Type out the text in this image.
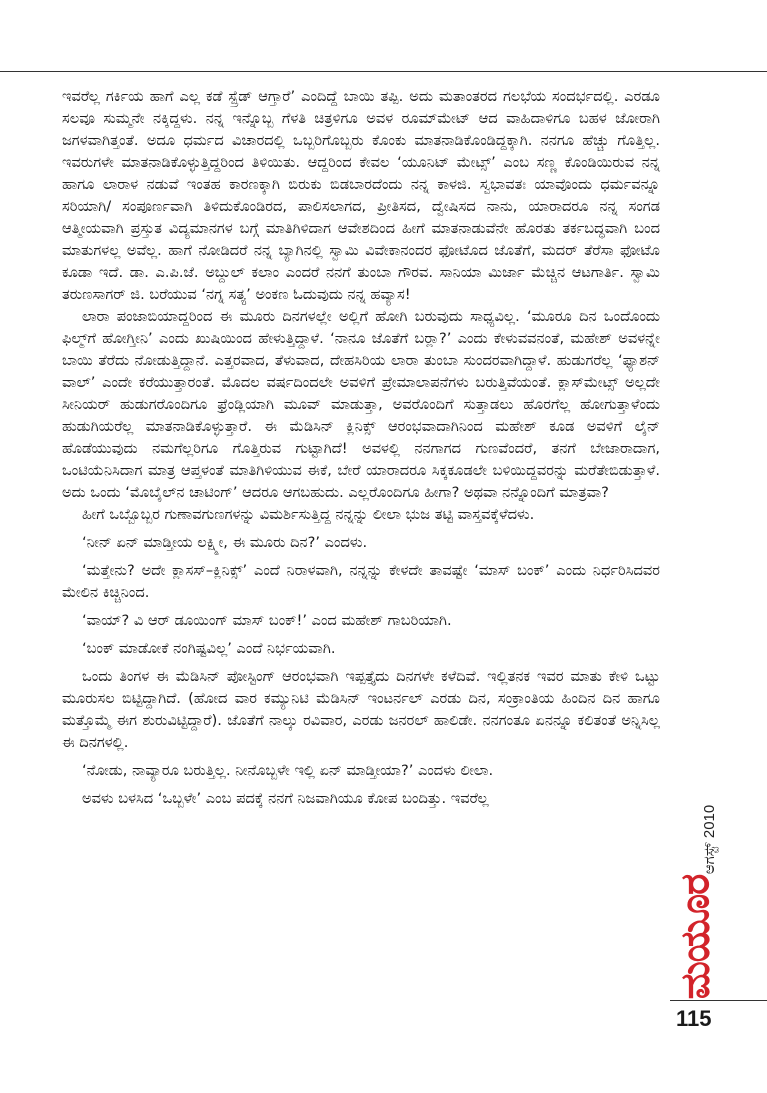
ಇವರೆಲ್ಲ ಗರ್ಕಿಯ ಹಾಗೆ ಎಲ್ಲ ಕಡೆ ಸ್ಪ್ರೆಡ್ ಆಗ್ತಾರೆ’ ಎಂದಿದ್ದೆ ಬಾಯಿ ತಪ್ಪಿ. ಅದು ಮತಾಂತರದ ಗಲಭೆಯ ಸಂದರ್ಭದಲ್ಲಿ. ಎರಡೂ ಸಲವೂ ಸುಮ್ಮನೇ ನಕ್ಕಿದ್ದಳು. ನನ್ನ ಇನ್ನೊಬ್ಬ ಗೆಳತಿ ಚಿತ್ರಳಿಗೂ ಅವಳ ರೂಮ್‌ಮೇಟ್ ಆದ ವಾಹಿದಾಳಿಗೂ ಬಹಳ ಜೋರಾಗಿ ಜಗಳವಾಗಿತ್ತಂತೆ. ಅದೂ ಧರ್ಮದ ವಿಚಾರದಲ್ಲಿ ಒಬ್ಬರಿಗೊಬ್ಬರು ಕೊಂಕು ಮಾತನಾಡಿಕೊಂಡಿದ್ದಕ್ಕಾಗಿ. ನನಗೂ ಹೆಚ್ಚು ಗೊತ್ತಿಲ್ಲ. ಇವರುಗಳೇ ಮಾತನಾಡಿಕೊಳ್ಳುತ್ತಿದ್ದರಿಂದ ತಿಳಿಯಿತು. ಆದ್ದರಿಂದ ಕೇವಲ ‘ಯೂನಿಟ್ ಮೇಟ್ಸ್’ ಎಂಬ ಸಣ್ಣ ಕೊಂಡಿಯಿರುವ ನನ್ನ ಹಾಗೂ ಲಾರಾಳ ನಡುವೆ ಇಂತಹ ಕಾರಣಕ್ಕಾಗಿ ಬಿರುಕು ಬಿಡಬಾರದೆಂದು ನನ್ನ ಕಾಳಜಿ. ಸ್ವಭಾವತಃ ಯಾವೊಂದು ಧರ್ಮವನ್ನೂ ಸರಿಯಾಗಿ/ ಸಂಪೂರ್ಣವಾಗಿ ತಿಳಿದುಕೊಂಡಿರದ, ಪಾಲಿಸಲಾಗದ, ಪ್ರೀತಿಸದ, ದ್ವೇಷಿಸದ ನಾನು, ಯಾರಾದರೂ ನನ್ನ ಸಂಗಡ ಆತ್ಮೀಯವಾಗಿ ಪ್ರಸ್ತುತ ವಿದ್ಯಮಾನಗಳ ಬಗ್ಗೆ ಮಾತಿಗಿಳಿದಾಗ ಆವೇಶದಿಂದ ಹೀಗೆ ಮಾತನಾಡುವೆನೇ ಹೊರತು ತರ್ಕಬದ್ಧವಾಗಿ ಬಂದ ಮಾತುಗಳಲ್ಲ ಅವೆಲ್ಲ. ಹಾಗೆ ನೋಡಿದರೆ ನನ್ನ ಬ್ಯಾಗಿನಲ್ಲಿ ಸ್ವಾಮಿ ವಿವೇಕಾನಂದರ ಫೋಟೊದ ಜೊತೆಗೆ, ಮದರ್ ತೆರೆಸಾ ಫೋಟೊ ಕೂಡಾ ಇದೆ. ಡಾ. ಎ.ಪಿ.ಜೆ. ಅಬ್ದುಲ್ ಕಲಾಂ ಎಂದರೆ ನನಗೆ ತುಂಬಾ ಗೌರವ. ಸಾನಿಯಾ ಮಿರ್ಜಾ ಮೆಚ್ಚಿನ ಆಟಗಾರ್ತಿ. ಸ್ವಾಮಿ ತರುಣಸಾಗರ್ ಜಿ. ಬರೆಯುವ ‘ನಗ್ನ ಸತ್ಯ’ ಅಂಕಣ ಓದುವುದು ನನ್ನ ಹವ್ಯಾಸ!

ಲಾರಾ ಪಂಜಾಬಿಯಾದ್ದರಿಂದ ಈ ಮೂರು ದಿನಗಳಲ್ಲೇ ಅಲ್ಲಿಗೆ ಹೋಗಿ ಬರುವುದು ಸಾಧ್ಯವಿಲ್ಲ. ‘ಮೂರೂ ದಿನ ಒಂದೊಂದು ಫಿಲ್ಮ್‌ಗೆ ಹೋಗ್ತೀನಿ’ ಎಂದು ಖುಷಿಯಿಂದ ಹೇಳುತ್ತಿದ್ದಾಳೆ. ‘ನಾನೂ ಜೊತೆಗೆ ಬರ್‍ಲಾ?’ ಎಂದು ಕೇಳುವವನಂತೆ, ಮಹೇಶ್ ಅವಳನ್ನೇ ಬಾಯಿ ತೆರೆದು ನೋಡುತ್ತಿದ್ದಾನೆ. ಎತ್ತರವಾದ, ತೆಳುವಾದ, ದೇಹಸಿರಿಯ ಲಾರಾ ತುಂಬಾ ಸುಂದರವಾಗಿದ್ದಾಳೆ. ಹುಡುಗರೆಲ್ಲ ‘ಫ್ಯಾಶನ್ ವಾಲ್’ ಎಂದೇ ಕರೆಯುತ್ತಾರಂತೆ. ಮೊದಲ ವರ್ಷದಿಂದಲೇ ಅವಳಿಗೆ ಪ್ರೇಮಾಲಾಪನೆಗಳು ಬರುತ್ತಿವೆಯಂತೆ. ಕ್ಲಾಸ್‌ಮೇಟ್ಸ್ ಅಲ್ಲದೇ ಸೀನಿಯರ್ ಹುಡುಗರೊಂದಿಗೂ ಫ್ರೆಂಡ್ಲಿಯಾಗಿ ಮೂವ್ ಮಾಡುತ್ತಾ, ಅವರೊಂದಿಗೆ ಸುತ್ತಾಡಲು ಹೊರಗೆಲ್ಲ ಹೋಗುತ್ತಾಳೆಂದು ಹುಡುಗಿಯರೆಲ್ಲ ಮಾತನಾಡಿಕೊಳ್ಳುತ್ತಾರೆ. ಈ ಮೆಡಿಸಿನ್ ಕ್ಲಿನಿಕ್ಸ್ ಆರಂಭವಾದಾಗಿನಿಂದ ಮಹೇಶ್ ಕೂಡ ಅವಳಿಗೆ ಲೈನ್ ಹೊಡೆಯುವುದು ನಮಗೆಲ್ಲರಿಗೂ ಗೊತ್ತಿರುವ ಗುಟ್ಟಾಗಿದೆ! ಅವಳಲ್ಲಿ ನನಗಾಗದ ಗುಣವೆಂದರೆ, ತನಗೆ ಬೇಜಾರಾದಾಗ, ಒಂಟಿಯೆನಿಸಿದಾಗ ಮಾತ್ರ ಆಪ್ತಳಂತೆ ಮಾತಿಗಿಳಿಯುವ ಈಕೆ, ಬೇರೆ ಯಾರಾದರೂ ಸಿಕ್ಕಕೂಡಲೇ ಬಳಿಯಿದ್ದವರನ್ನು ಮರೆತೇಬಿಡುತ್ತಾಳೆ. ಅದು ಒಂದು ‘ಮೊಬೈಲ್‌ನ ಚಾಟಿಂಗ್’ ಆದರೂ ಆಗಬಹುದು. ಎಲ್ಲರೊಂದಿಗೂ ಹೀಗಾ? ಅಥವಾ ನನ್ನೊಂದಿಗೆ ಮಾತ್ರವಾ?

ಹೀಗೆ ಒಬ್ಬೊಬ್ಬರ ಗುಣಾವಗುಣಗಳನ್ನು ವಿಮರ್ಶಿಸುತ್ತಿದ್ದ ನನ್ನನ್ನು ಲೀಲಾ ಭುಜ ತಟ್ಟಿ ವಾಸ್ತವಕ್ಕೆಳೆದಳು.

‘ನೀನ್ ಏನ್ ಮಾಡ್ತೀಯ ಲಕ್ಷ್ಮೀ, ಈ ಮೂರು ದಿನ?’ ಎಂದಳು.

‘ಮತ್ತೇನು? ಅದೇ ಕ್ಲಾಸಸ್–ಕ್ಲಿನಿಕ್ಸ್’ ಎಂದೆ ನಿರಾಳವಾಗಿ, ನನ್ನನ್ನು ಕೇಳದೇ ತಾವಷ್ಟೇ ‘ಮಾಸ್ ಬಂಕ್’ ಎಂದು ನಿರ್ಧರಿಸಿದವರ ಮೇಲಿನ ಕಿಚ್ಚಿನಿಂದ.

‘ವಾಯ್? ವಿ ಆರ್ ಡೂಯಿಂಗ್ ಮಾಸ್ ಬಂಕ್!’ ಎಂದ ಮಹೇಶ್ ಗಾಬರಿಯಾಗಿ.

‘ಬಂಕ್ ಮಾಡೋಕೆ ನಂಗಿಷ್ಟವಿಲ್ಲ’ ಎಂದೆ ನಿರ್ಭಯವಾಗಿ.

ಒಂದು ತಿಂಗಳ ಈ ಮೆಡಿಸಿನ್ ಪೋಸ್ಟಿಂಗ್ ಆರಂಭವಾಗಿ ಇಪ್ಪತ್ತೈದು ದಿನಗಳೇ ಕಳೆದಿವೆ. ಇಲ್ಲಿತನಕ ಇವರ ಮಾತು ಕೇಳಿ ಒಟ್ಟು ಮೂರುಸಲ ಬಿಟ್ಟಿದ್ದಾಗಿದೆ. (ಹೋದ ವಾರ ಕಮ್ಯುನಿಟಿ ಮೆಡಿಸಿನ್ ಇಂಟರ್ನಲ್ ಎರಡು ದಿನ, ಸಂಕ್ರಾಂತಿಯ ಹಿಂದಿನ ದಿನ ಹಾಗೂ ಮತ್ತೊಮ್ಮೆ ಈಗ ಶುರುವಿಟ್ಟಿದ್ದಾರೆ). ಜೊತೆಗೆ ನಾಲ್ಕು ರವಿವಾರ, ಎರಡು ಜನರಲ್ ಹಾಲಿಡೇ. ನನಗಂತೂ ಏನನ್ನೂ ಕಲಿತಂತೆ ಅನ್ನಿಸಿಲ್ಲ ಈ ದಿನಗಳಲ್ಲಿ.

‘ನೋಡು, ನಾವ್ಯಾರೂ ಬರುತ್ತಿಲ್ಲ. ನೀನೊಬ್ಬಳೇ ಇಲ್ಲಿ ಏನ್ ಮಾಡ್ತೀಯಾ?’ ಎಂದಳು ಲೀಲಾ.

ಅವಳು ಬಳಸಿದ ‘ಒಬ್ಬಳೇ’ ಎಂಬ ಪದಕ್ಕೆ ನನಗೆ ನಿಜವಾಗಿಯೂ ಕೋಪ ಬಂದಿತ್ತು. ಇವರೆಲ್ಲ

ಆಗಸ್ಟ್ 2010
ಮಯೂರ
115
